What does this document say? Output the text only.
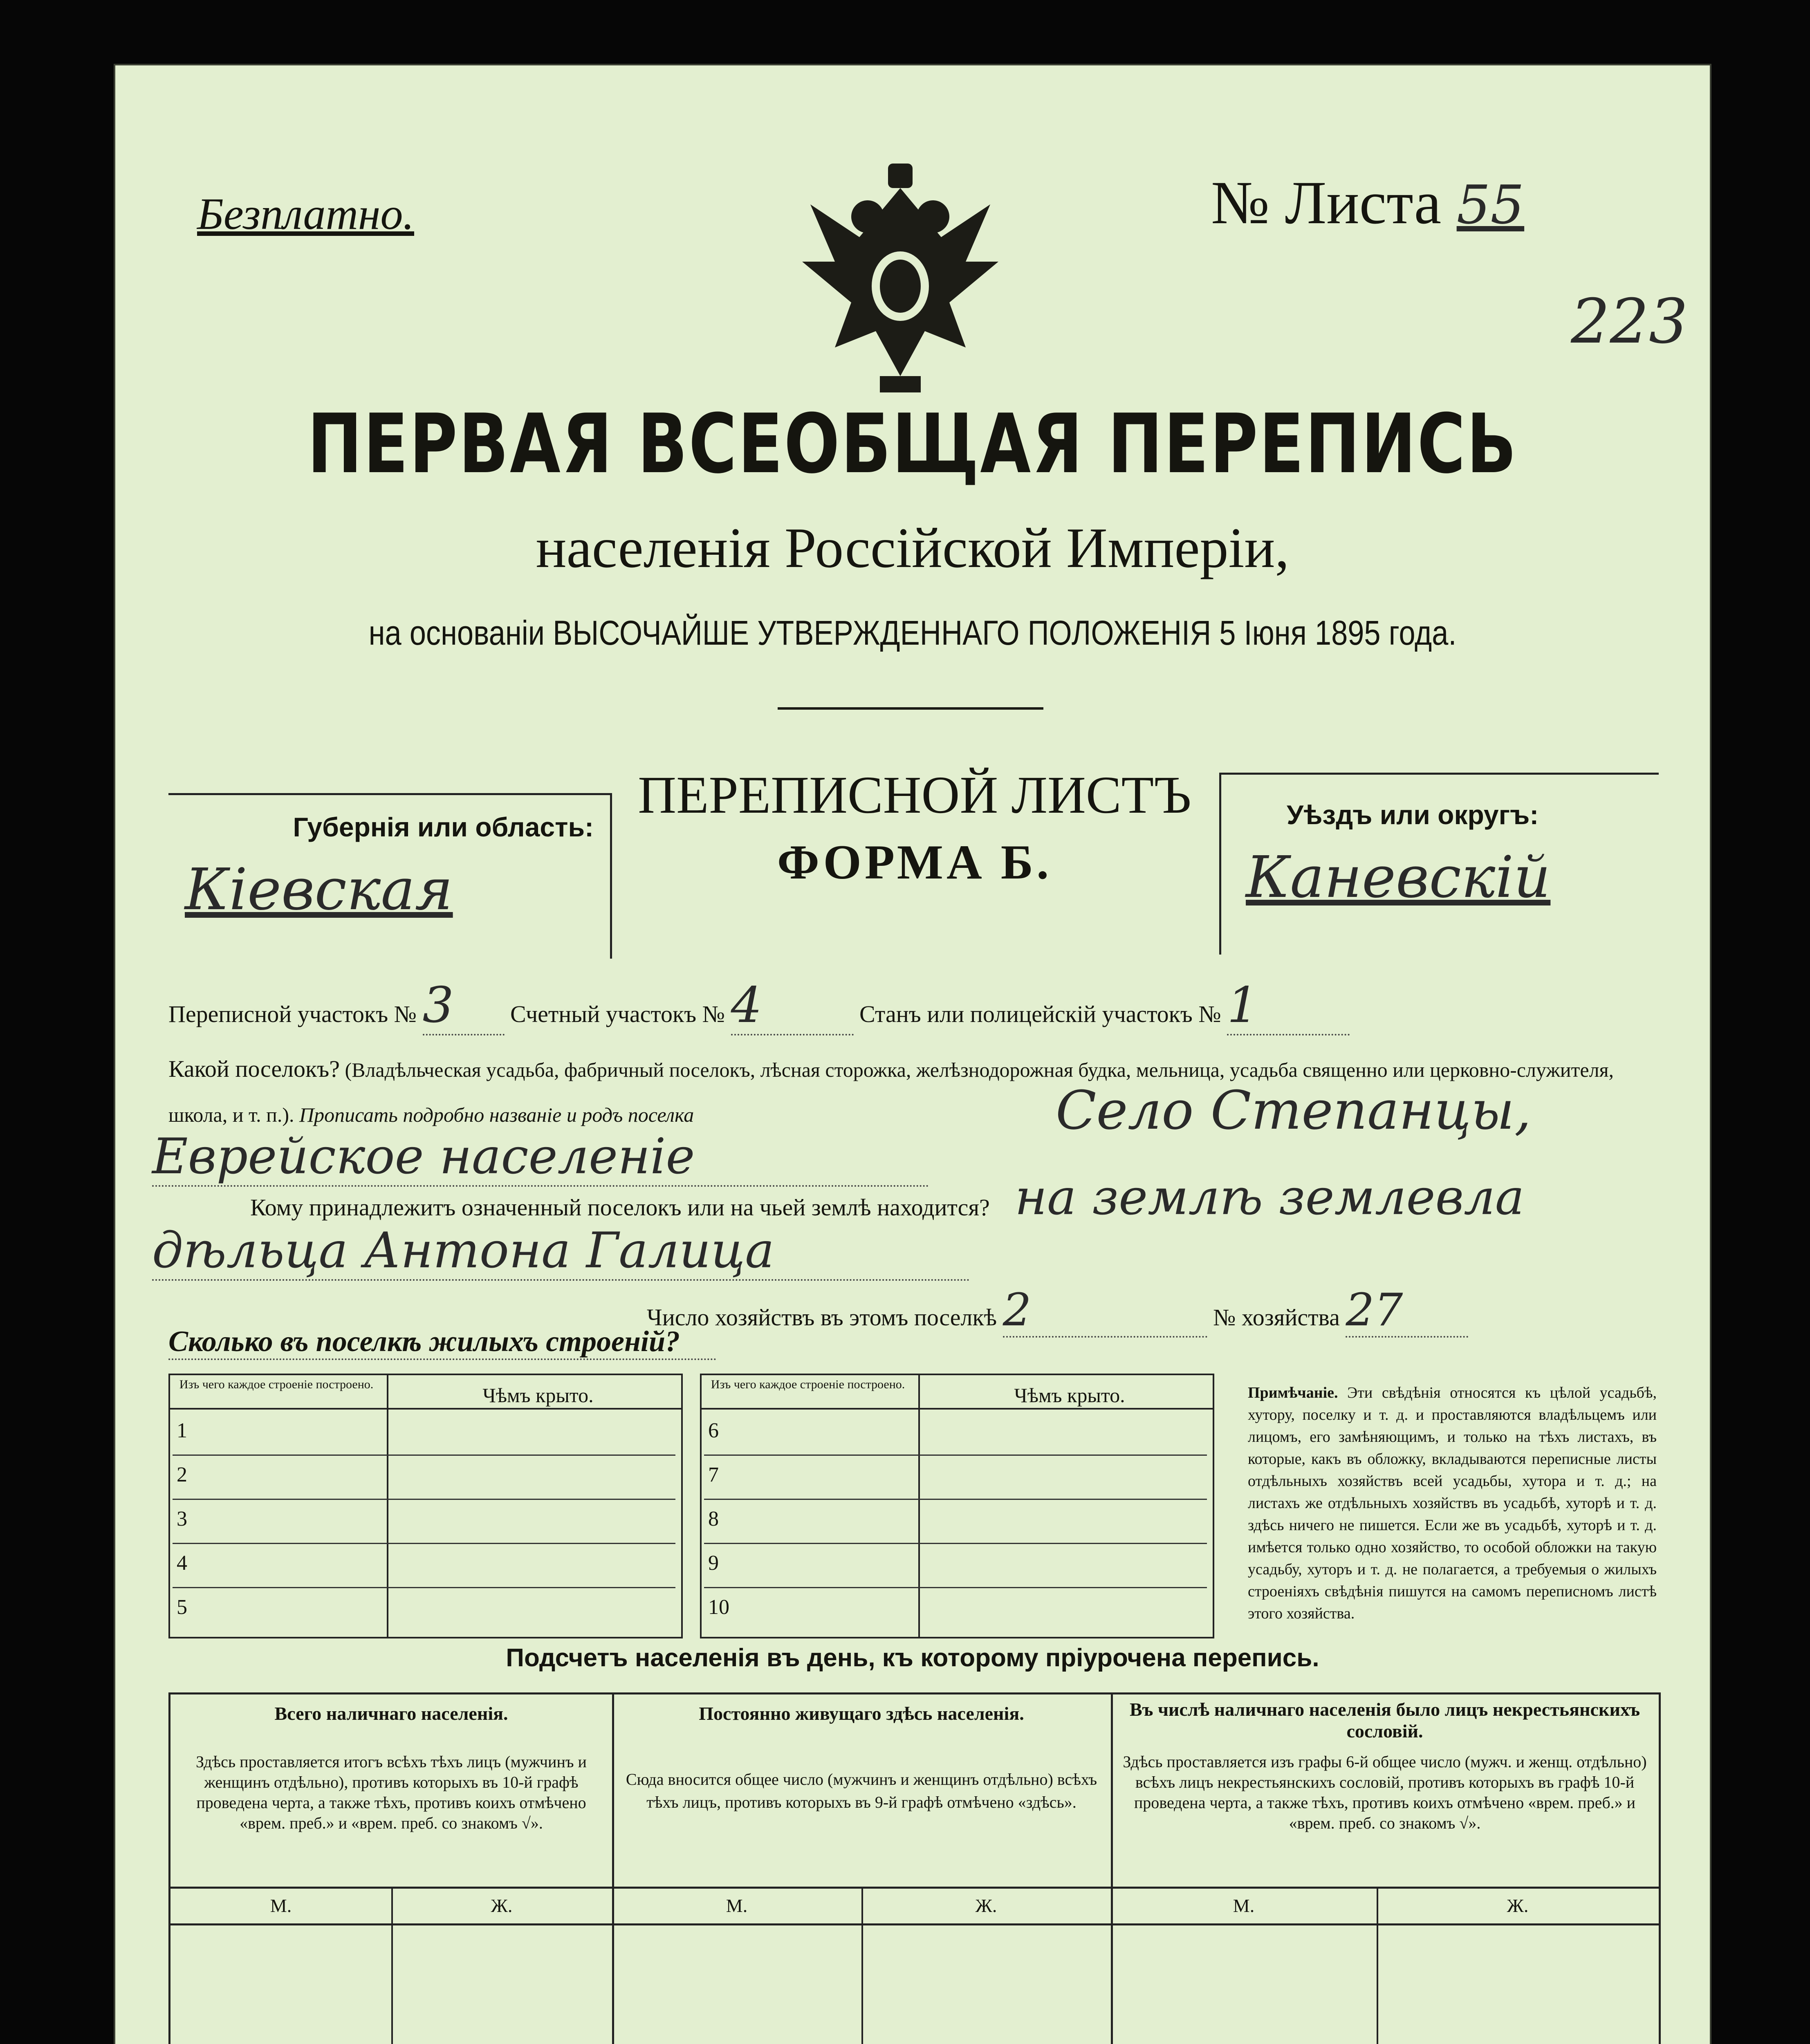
Безплатно.	№ Листа 55
223
ПЕРВАЯ ВСЕОБЩАЯ ПЕРЕПИСЬ
населенія Россійской Имперіи,
на основаніи ВЫСОЧАЙШЕ УТВЕРЖДЕННАГО ПОЛОЖЕНІЯ 5 Іюня 1895 года.
Губернія или область:
Кіевская
ПЕРЕПИСНОЙ ЛИСТЪ
ФОРМА Б.
Уѣздъ или округъ:
Каневскій
Переписной участокъ № 3 Счетный участокъ № 4	Станъ или полицейскій участокъ № 1
Какой поселокъ? (Владѣльческая усадьба, фабричный поселокъ, лѣсная сторожка, желѣзнодорожная будка, мельница, усадьба священно или церковно-служителя, школа, и т. п.). Прописать подробно названіе и родъ поселка	Село Степанцы,
Еврейское населеніе
Кому принадлежитъ означенный поселокъ или на чьей землѣ находится? на землѣ землевла
дѣльца Антона Галица
Число хозяйствъ въ этомъ поселкѣ 2	№ хозяйства 27
Сколько въ поселкѣ жилыхъ строеній?
Изъ чего каждое строеніе построено.	Чѣмъ крыто.	Изъ чего каждое строеніе построено.	Чѣмъ крыто.
1
2
3
4
5
6
7
8
9
10
Примѣчаніе. Эти свѣдѣнія относятся къ цѣлой усадьбѣ, хутору, поселку и т. д. и проставляются владѣльцемъ или лицомъ, его замѣняющимъ, и только на тѣхъ листахъ, въ которые, какъ въ обложку, вкладываются переписные листы отдѣльныхъ хозяйствъ всей усадьбы, хутора и т. д.; на листахъ же отдѣльныхъ хозяйствъ въ усадьбѣ, хуторѣ и т. д. здѣсь ничего не пишется. Если же въ усадьбѣ, хуторѣ и т. д. имѣется только одно хозяйство, то особой обложки на такую усадьбу, хуторъ и т. д. не полагается, а требуемыя о жилыхъ строеніяхъ свѣдѣнія пишутся на самомъ переписномъ листѣ этого хозяйства.
Подсчетъ населенія въ день, къ которому пріурочена перепись.
Всего наличнаго населенія.
Здѣсь проставляется итогъ всѣхъ тѣхъ лицъ (мужчинъ и женщинъ отдѣльно), противъ которыхъ въ 10-й графѣ проведена черта, а также тѣхъ, противъ коихъ отмѣчено «врем. преб.» и «врем. преб. со знакомъ √».
Постоянно живущаго здѣсь населенія.
Сюда вносится общее число (мужчинъ и женщинъ отдѣльно) всѣхъ тѣхъ лицъ, противъ которыхъ въ 9-й графѣ отмѣчено «здѣсь».
Въ числѣ наличнаго населенія было лицъ некрестьянскихъ сословій.
Здѣсь проставляется изъ графы 6-й общее число (мужч. и женщ. отдѣльно) всѣхъ лицъ некрестьянскихъ сословій, противъ которыхъ въ графѣ 10-й проведена черта, а также тѣхъ, противъ коихъ отмѣчено «врем. преб.» и «врем. преб. со знакомъ √».
М.	Ж.	М.	Ж.	М.	Ж.
